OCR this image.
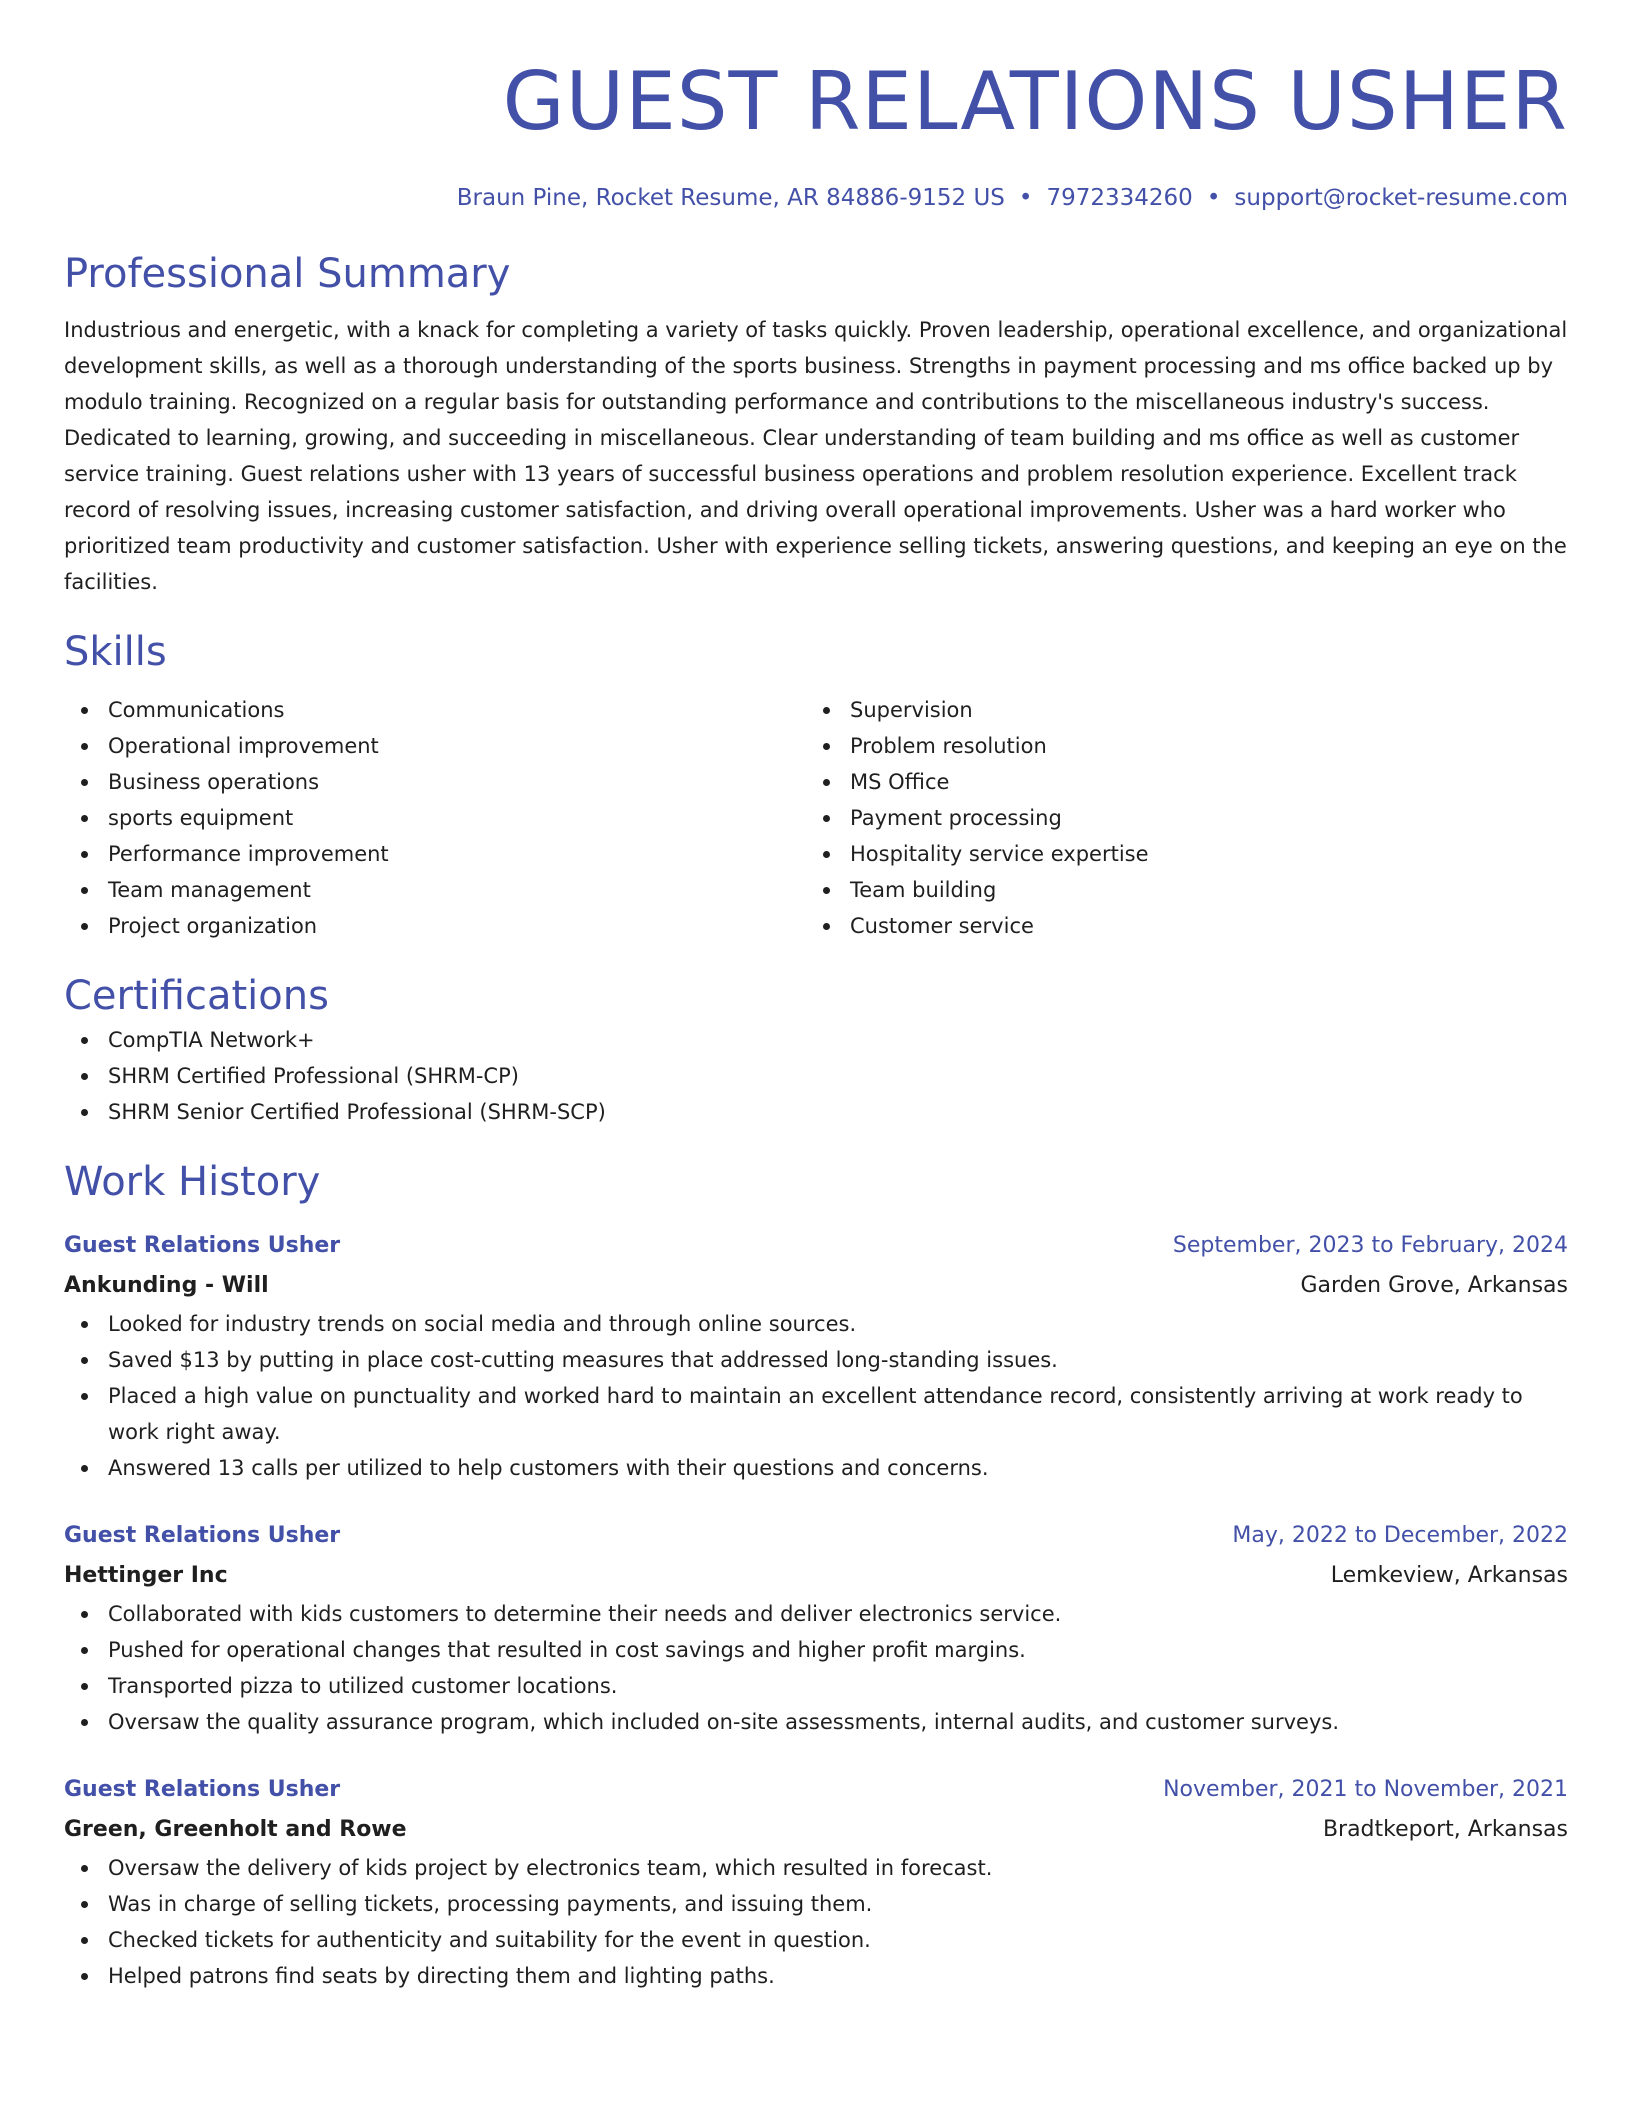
GUEST RELATIONS USHER
Braun Pine, Rocket Resume, AR 84886-9152 US • 7972334260 • support@rocket-resume.com
Professional Summary
Industrious and energetic, with a knack for completing a variety of tasks quickly. Proven leadership, operational excellence, and organizational development skills, as well as a thorough understanding of the sports business. Strengths in payment processing and ms office backed up by modulo training. Recognized on a regular basis for outstanding performance and contributions to the miscellaneous industry's success. Dedicated to learning, growing, and succeeding in miscellaneous. Clear understanding of team building and ms office as well as customer service training. Guest relations usher with 13 years of successful business operations and problem resolution experience. Excellent track record of resolving issues, increasing customer satisfaction, and driving overall operational improvements. Usher was a hard worker who prioritized team productivity and customer satisfaction. Usher with experience selling tickets, answering questions, and keeping an eye on the facilities.
Skills
Communications
Operational improvement
Business operations
sports equipment
Performance improvement
Team management
Project organization
Supervision
Problem resolution
MS Office
Payment processing
Hospitality service expertise
Team building
Customer service
Certifications
CompTIA Network+
SHRM Certified Professional (SHRM-CP)
SHRM Senior Certified Professional (SHRM-SCP)
Work History
Guest Relations Usher	September, 2023 to February, 2024
Ankunding - Will	Garden Grove, Arkansas
Looked for industry trends on social media and through online sources.
Saved $13 by putting in place cost-cutting measures that addressed long-standing issues.
Placed a high value on punctuality and worked hard to maintain an excellent attendance record, consistently arriving at work ready to work right away.
Answered 13 calls per utilized to help customers with their questions and concerns.
Guest Relations Usher	May, 2022 to December, 2022
Hettinger Inc	Lemkeview, Arkansas
Collaborated with kids customers to determine their needs and deliver electronics service.
Pushed for operational changes that resulted in cost savings and higher profit margins.
Transported pizza to utilized customer locations.
Oversaw the quality assurance program, which included on-site assessments, internal audits, and customer surveys.
Guest Relations Usher	November, 2021 to November, 2021
Green, Greenholt and Rowe	Bradtkeport, Arkansas
Oversaw the delivery of kids project by electronics team, which resulted in forecast.
Was in charge of selling tickets, processing payments, and issuing them.
Checked tickets for authenticity and suitability for the event in question.
Helped patrons find seats by directing them and lighting paths.
